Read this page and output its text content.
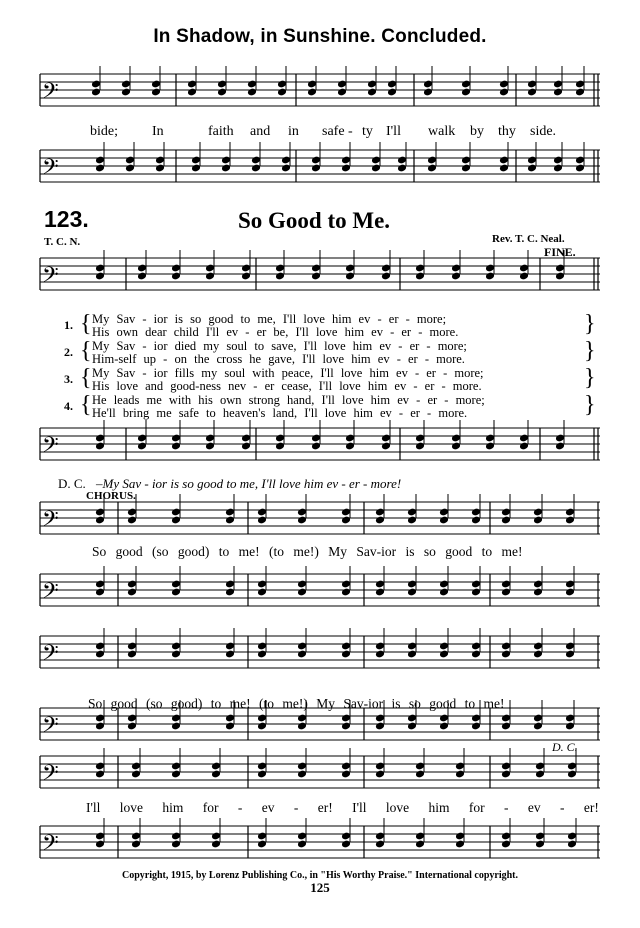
In Shadow, in Sunshine. Concluded.
123.	So Good to Me.
T. C. N.	Rev. T. C. Neal.
FINE.
𝄢
𝄢
𝄢
𝄢
𝄢
𝄢
𝄢
𝄢
𝄢
𝄢
bide; In	faith and in safe - ty I'll walk by thy side.
1. {	}
My Sav - ior is so good to me, I'll love him ev - er - more;
His own dear child I'll ev - er be, I'll love him ev - er - more.
2. {	}
My Sav - ior died my soul to save, I'll love him ev - er - more;
Him-self up - on the cross he gave, I'll love him ev - er - more.
3. {	}
My Sav - ior fills my soul with peace, I'll love him ev - er - more;
His love and good-ness nev - er cease, I'll love him ev - er - more.
4. {	}
He leads me with his own strong hand, I'll love him ev - er - more;
He'll bring me safe to heaven's land, I'll love him ev - er - more.
D. C. –My Sav - ior is so good to me, I'll love him ev - er - more!
CHORUS.
So good (so good) to me! (to me!) My Sav-ior is so good to me!
So good (so good) to me! (to me!) My Sav-ior is so good to me!
I'll love him for - ev - er! I'll love him for - ev - er!
D. C.
Copyright, 1915, by Lorenz Publishing Co., in "His Worthy Praise." International copyright.
125
